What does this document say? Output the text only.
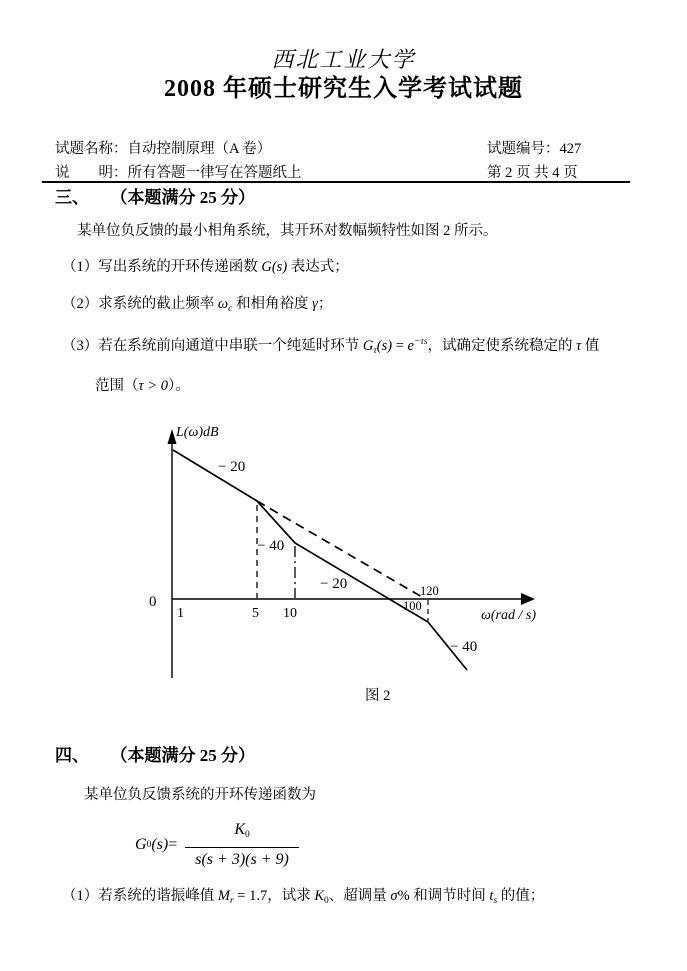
西北工业大学
2008 年硕士研究生入学考试试题
试题名称：自动控制原理（A 卷）	试题编号：427
说　　明：所有答题一律写在答题纸上	第 2 页 共 4 页
三、 （本题满分 25 分）
某单位负反馈的最小相角系统，其开环对数幅频特性如图 2 所示。
（1）写出系统的开环传递函数 G(s) 表达式；
（2）求系统的截止频率 $\omega_c$ 和相角裕度 γ；
（3）若在系统前向通道中串联一个纯延时环节 $G_\tau(s) = e^{-\tau s}$，试确定使系统稳定的 τ 值
范围（τ > 0）。
L(ω)dB
0
1	5 10	100
120
ω(rad / s)
− 20
− 40
− 20
− 40
图 2
四、 （本题满分 25 分）
某单位负反馈系统的开环传递函数为
G 0 $(s) = \frac{K_0}{s(s + 3)(s + 9)}$
（1）若系统的谐振峰值 $M_r = 1.7$，试求 $K_0$、超调量 σ% 和调节时间 $t_s$ 的值；
